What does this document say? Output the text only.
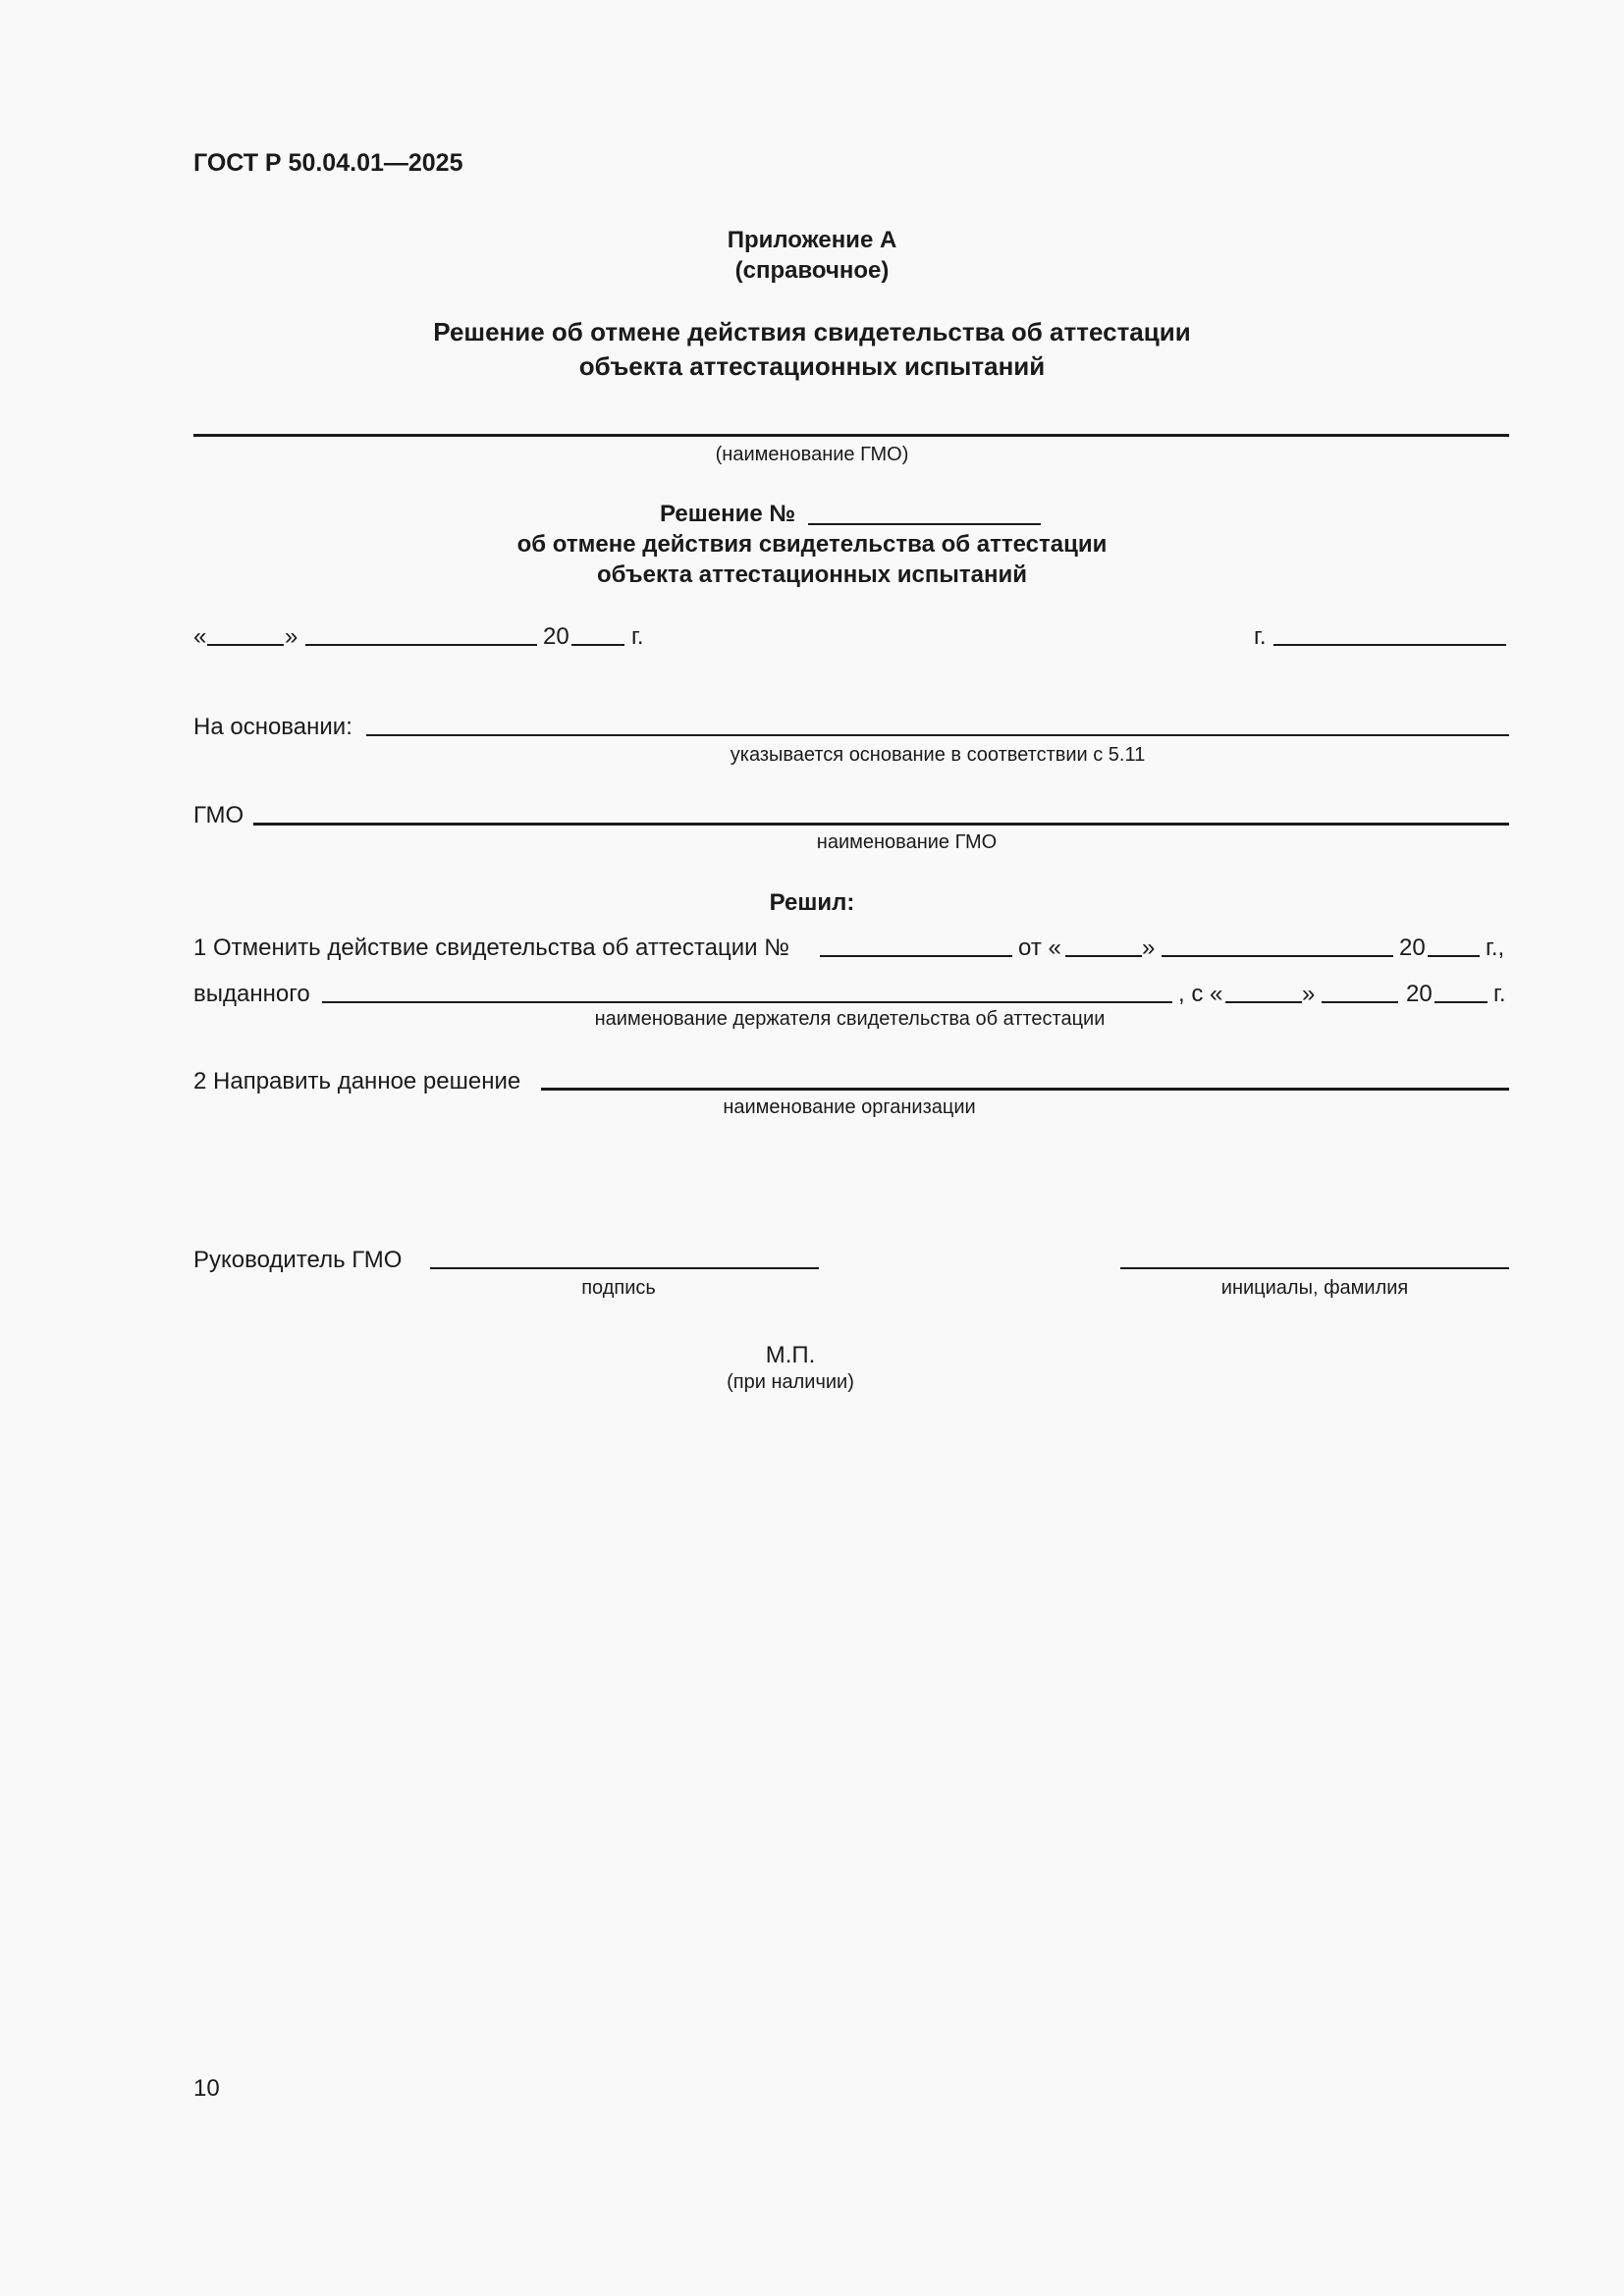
ГОСТ Р 50.04.01—2025
Приложение А
(справочное)
Решение об отмене действия свидетельства об аттестации
объекта аттестационных испытаний
(наименование ГМО)
Решение №
об отмене действия свидетельства об аттестации
объекта аттестационных испытаний
«	»	20	г.	г.
На основании:
указывается основание в соответствии с 5.11
ГМО
наименование ГМО
Решил:
1 Отменить действие свидетельства об аттестации №	от «	»	20	г.,
выданного	, с «	»	20	г.
наименование держателя свидетельства об аттестации
2 Направить данное решение
наименование организации
Руководитель ГМО
подпись	инициалы, фамилия
М.П.
(при наличии)
10
